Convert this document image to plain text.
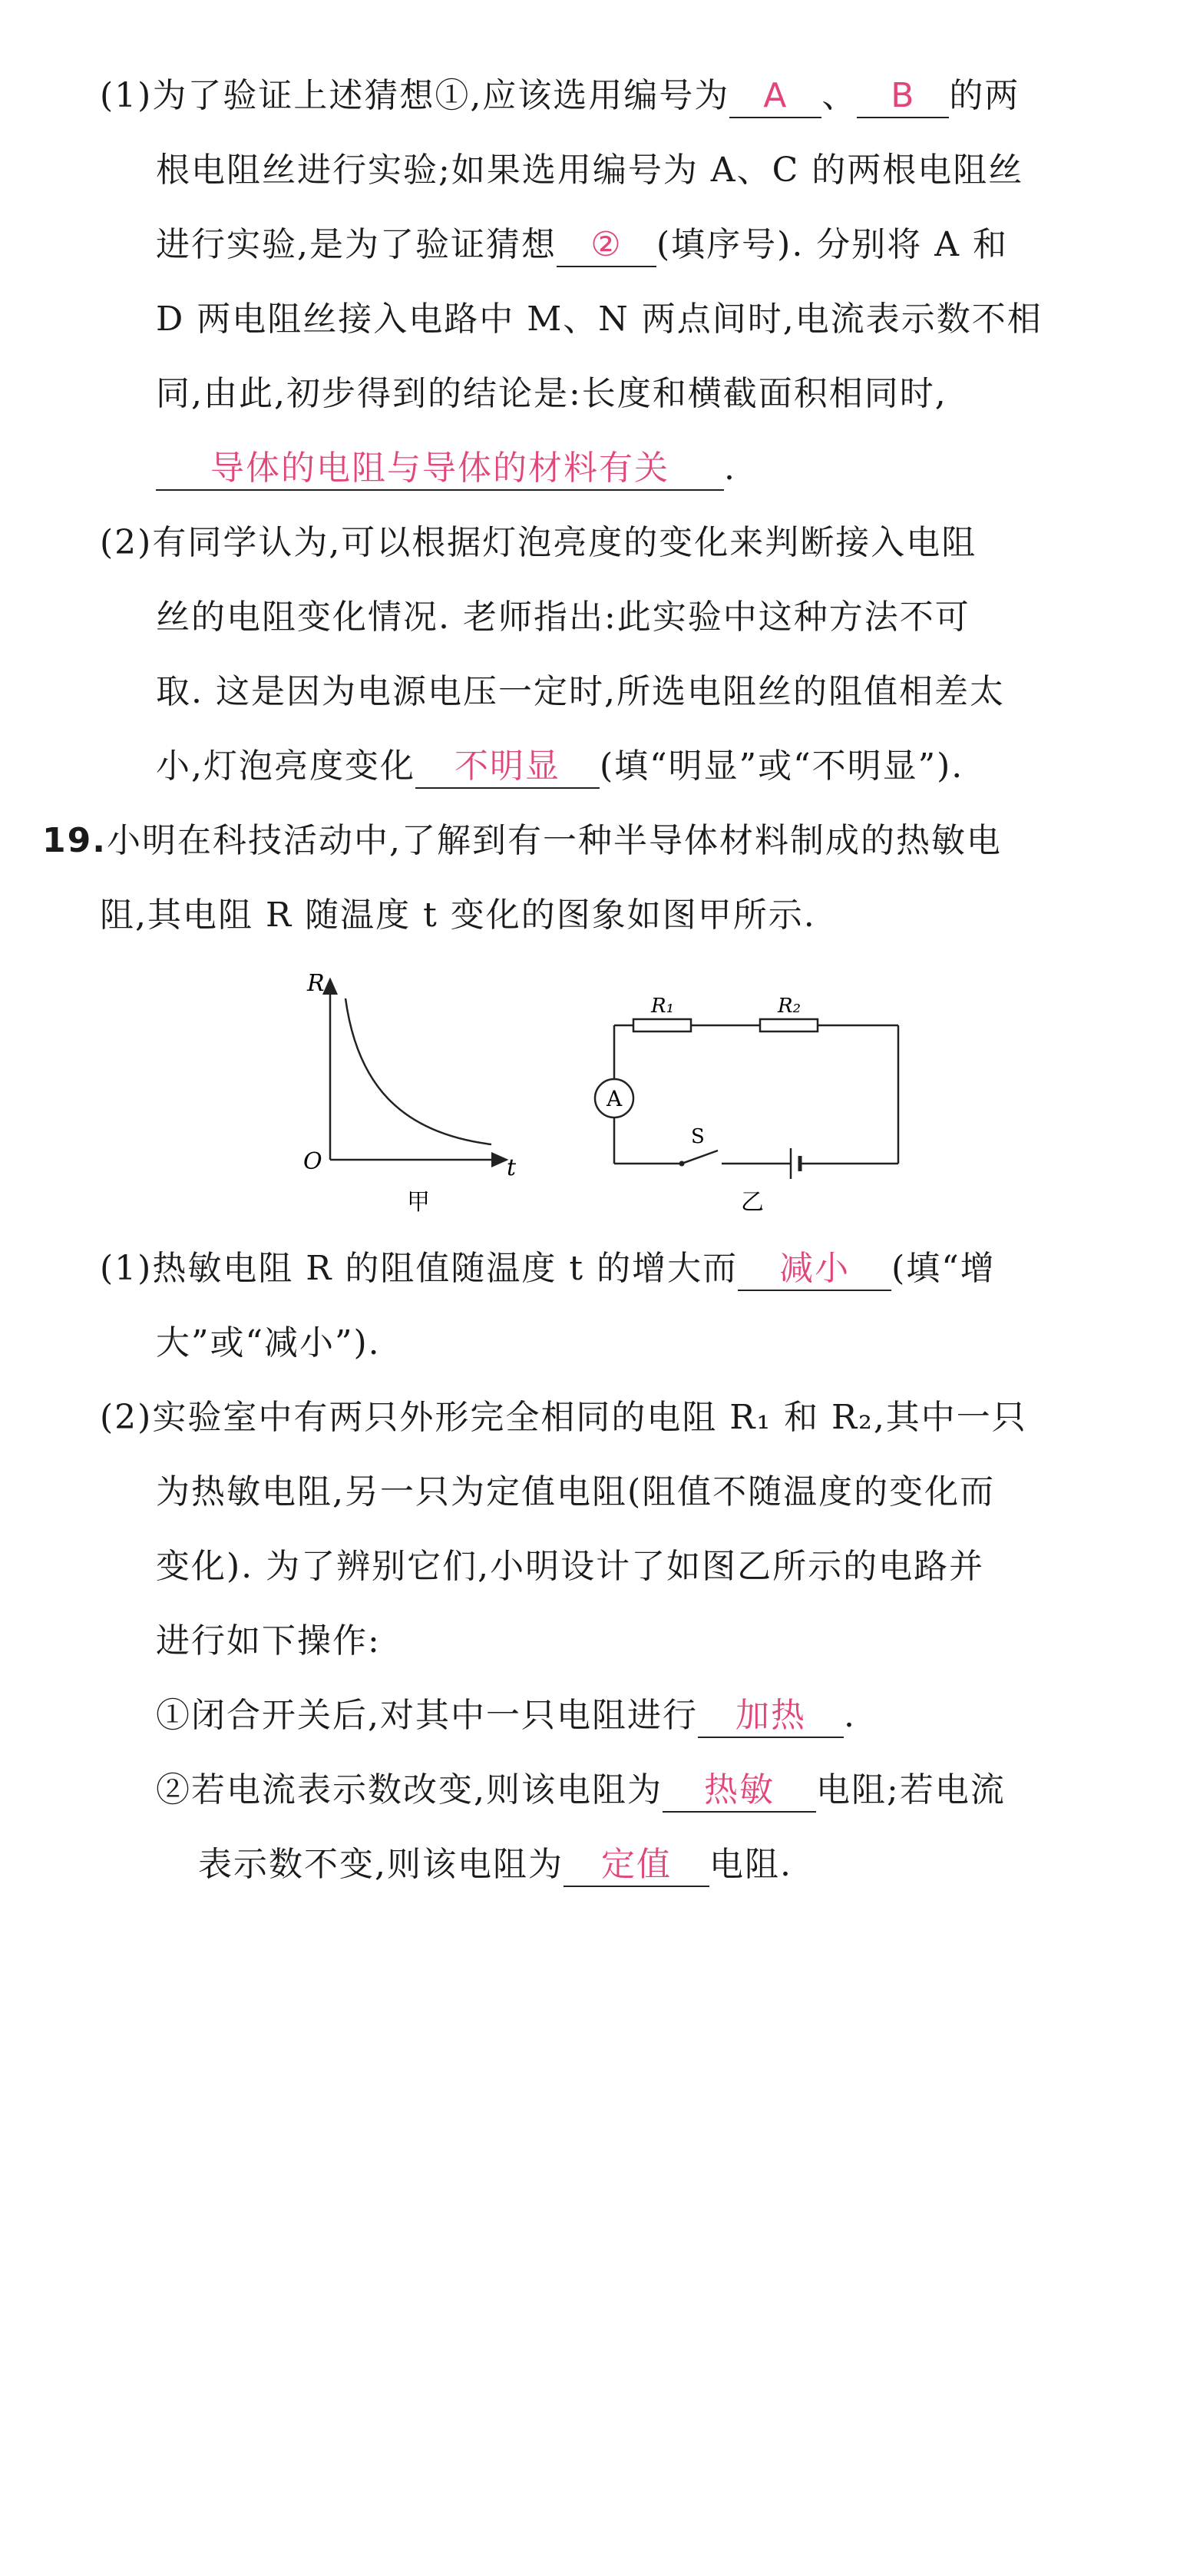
(1)为了验证上述猜想①,应该选用编号为 A 、 B 的两
根电阻丝进行实验;如果选用编号为 A、C 的两根电阻丝
进行实验,是为了验证猜想 ② (填序号). 分别将 A 和
D 两电阻丝接入电路中 M、N 两点间时,电流表示数不相
同,由此,初步得到的结论是:长度和横截面积相同时,
导体的电阻与导体的材料有关 .
(2)有同学认为,可以根据灯泡亮度的变化来判断接入电阻
丝的电阻变化情况. 老师指出:此实验中这种方法不可
取. 这是因为电源电压一定时,所选电阻丝的阻值相差太
小,灯泡亮度变化 不明显 (填“明显”或“不明显”).
19.小明在科技活动中,了解到有一种半导体材料制成的热敏电
阻,其电阻 R 随温度 t 变化的图象如图甲所示.
R
t
O
甲
R₁	R₂
A
S
乙
(1)热敏电阻 R 的阻值随温度 t 的增大而 减小 (填“增
大”或“减小”).
(2)实验室中有两只外形完全相同的电阻 R₁ 和 R₂,其中一只
为热敏电阻,另一只为定值电阻(阻值不随温度的变化而
变化). 为了辨别它们,小明设计了如图乙所示的电路并
进行如下操作:
①闭合开关后,对其中一只电阻进行 加热 .
②若电流表示数改变,则该电阻为 热敏 电阻;若电流
表示数不变,则该电阻为 定值 电阻.
